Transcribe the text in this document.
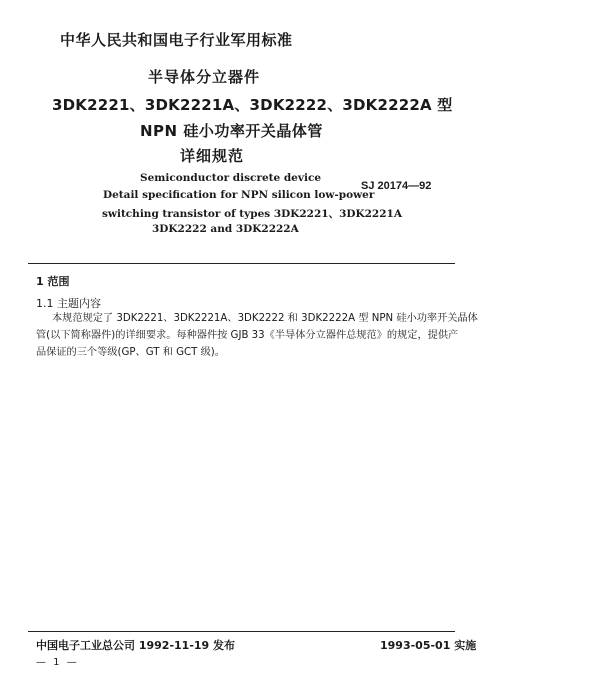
中华人民共和国电子行业军用标准
半导体分立器件
3DK2221、3DK2221A、3DK2222、3DK2222A 型
NPN 硅小功率开关晶体管
详细规范
Semiconductor discrete device
Detail specification for NPN silicon low-power
switching transistor of types 3DK2221、3DK2221A
3DK2222 and 3DK2222A
SJ 20174—92
1 范围
1.1 主题内容
本规范规定了 3DK2221、3DK2221A、3DK2222 和 3DK2222A 型 NPN 硅小功率开关晶体
管(以下简称器件)的详细要求。每种器件按 GJB 33《半导体分立器件总规范》的规定，提供产
品保证的三个等级(GP、GT 和 GCT 级)。
中国电子工业总公司 1992-11-19 发布	1993-05-01 实施
— 1 —
